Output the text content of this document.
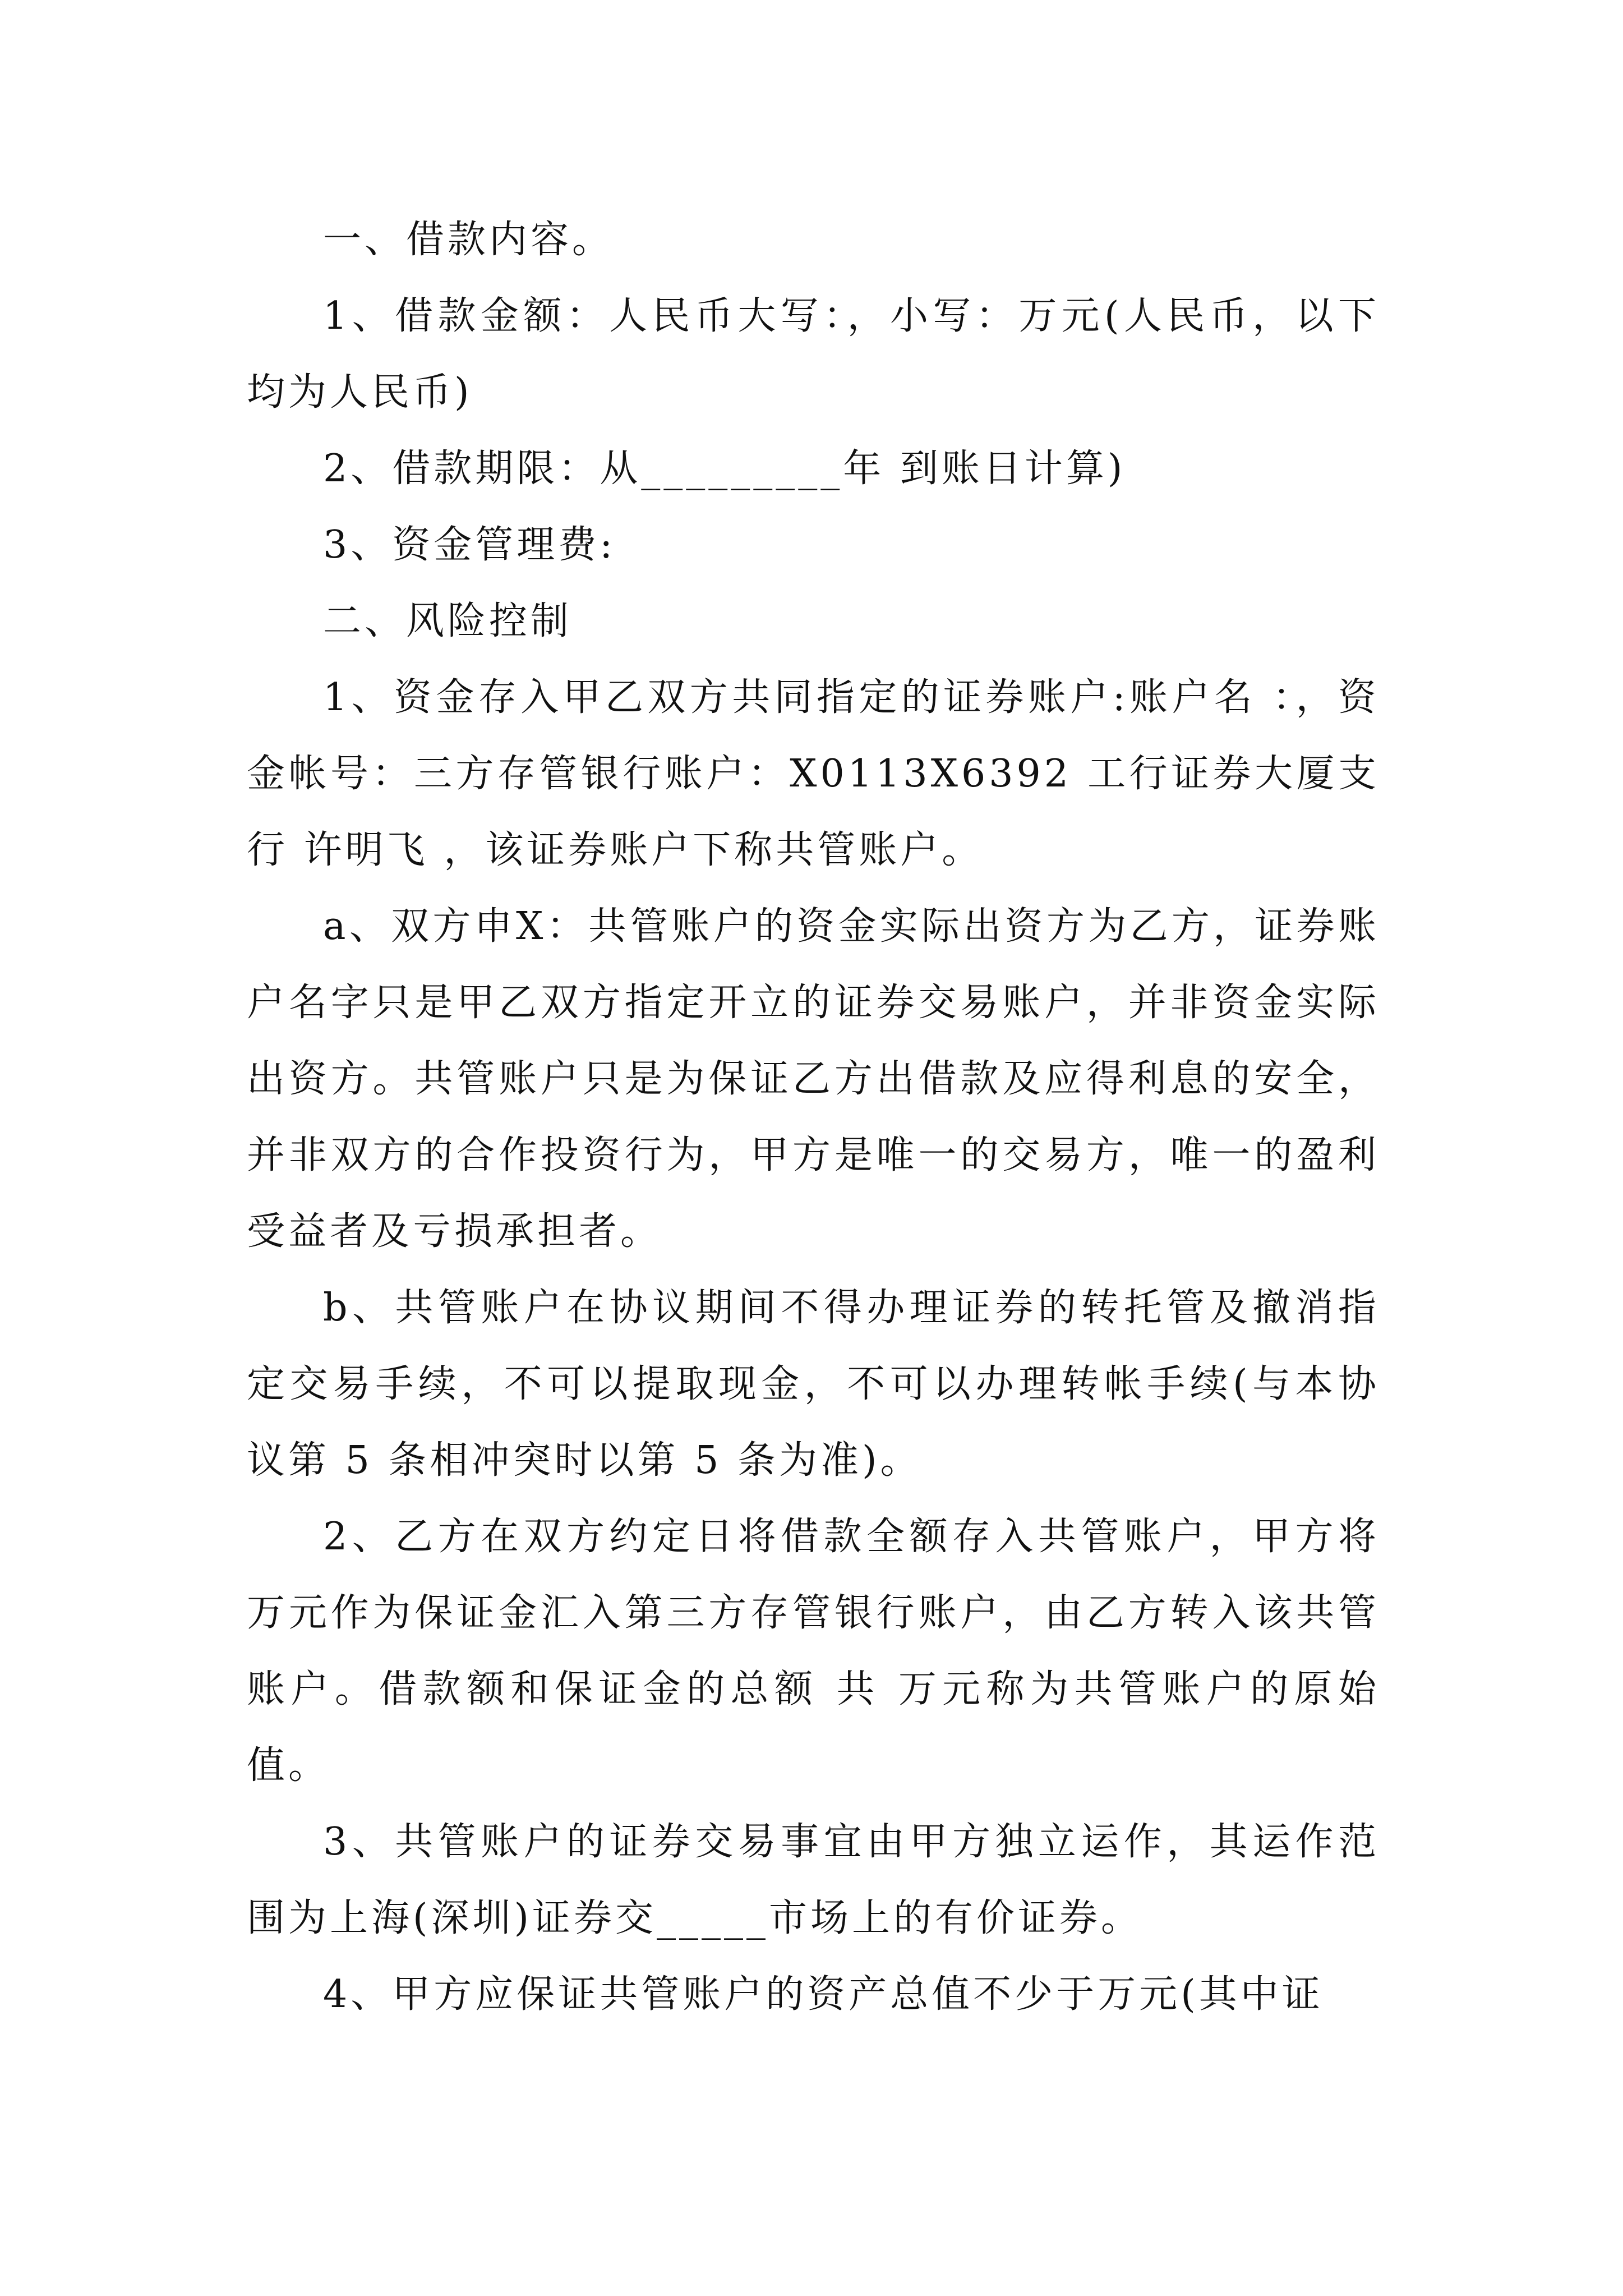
一、借款内容。

1、借款金额：人民币大写：，小写：万元(人民币，以下均为人民币)

2、借款期限：从_________年 到账日计算)

3、资金管理费:

二、风险控制

1、资金存入甲乙双方共同指定的证券账户:账户名 ：，资金帐号：三方存管银行账户：X0113X6392 工行证券大厦支行 许明飞 ，该证券账户下称共管账户。

a、双方申X：共管账户的资金实际出资方为乙方，证券账户名字只是甲乙双方指定开立的证券交易账户，并非资金实际出资方。共管账户只是为保证乙方出借款及应得利息的安全，并非双方的合作投资行为，甲方是唯一的交易方，唯一的盈利受益者及亏损承担者。

b、共管账户在协议期间不得办理证券的转托管及撤消指定交易手续，不可以提取现金，不可以办理转帐手续(与本协议第 5 条相冲突时以第 5 条为准)。

2、乙方在双方约定日将借款全额存入共管账户，甲方将万元作为保证金汇入第三方存管银行账户，由乙方转入该共管账户。借款额和保证金的总额 共 万元称为共管账户的原始值。

3、共管账户的证券交易事宜由甲方独立运作，其运作范围为上海(深圳)证券交_____市场上的有价证券。

4、甲方应保证共管账户的资产总值不少于万元(其中证
